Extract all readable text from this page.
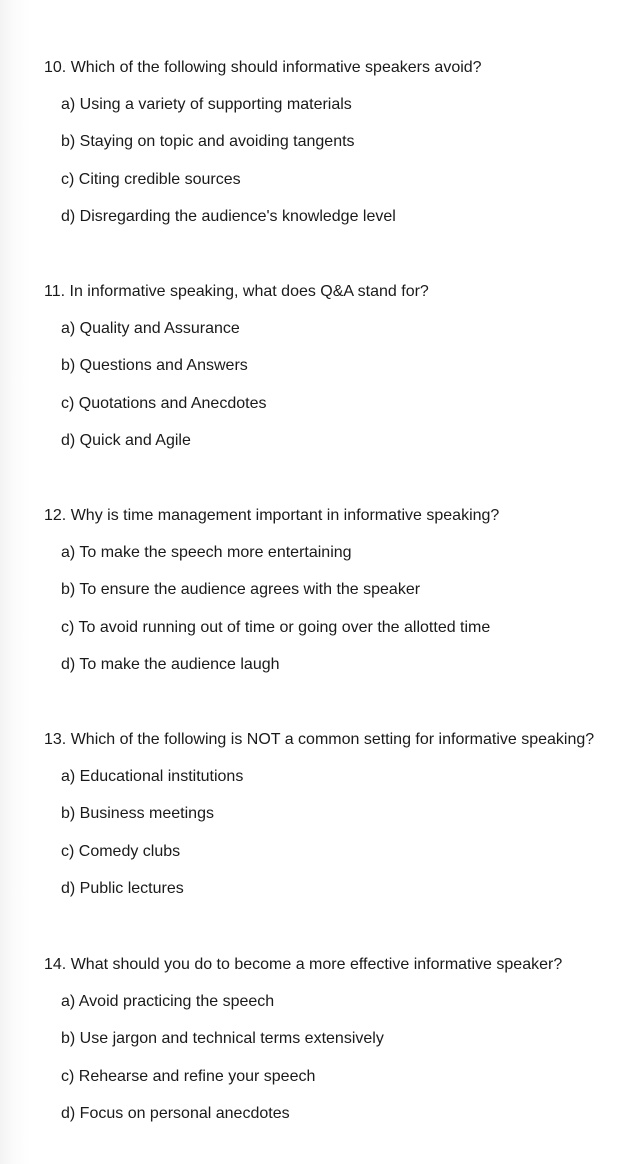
10. Which of the following should informative speakers avoid?

a) Using a variety of supporting materials

b) Staying on topic and avoiding tangents

c) Citing credible sources

d) Disregarding the audience's knowledge level

11. In informative speaking, what does Q&A stand for?

a) Quality and Assurance

b) Questions and Answers

c) Quotations and Anecdotes

d) Quick and Agile

12. Why is time management important in informative speaking?

a) To make the speech more entertaining

b) To ensure the audience agrees with the speaker

c) To avoid running out of time or going over the allotted time

d) To make the audience laugh

13. Which of the following is NOT a common setting for informative speaking?

a) Educational institutions

b) Business meetings

c) Comedy clubs

d) Public lectures

14. What should you do to become a more effective informative speaker?

a) Avoid practicing the speech

b) Use jargon and technical terms extensively

c) Rehearse and refine your speech

d) Focus on personal anecdotes
